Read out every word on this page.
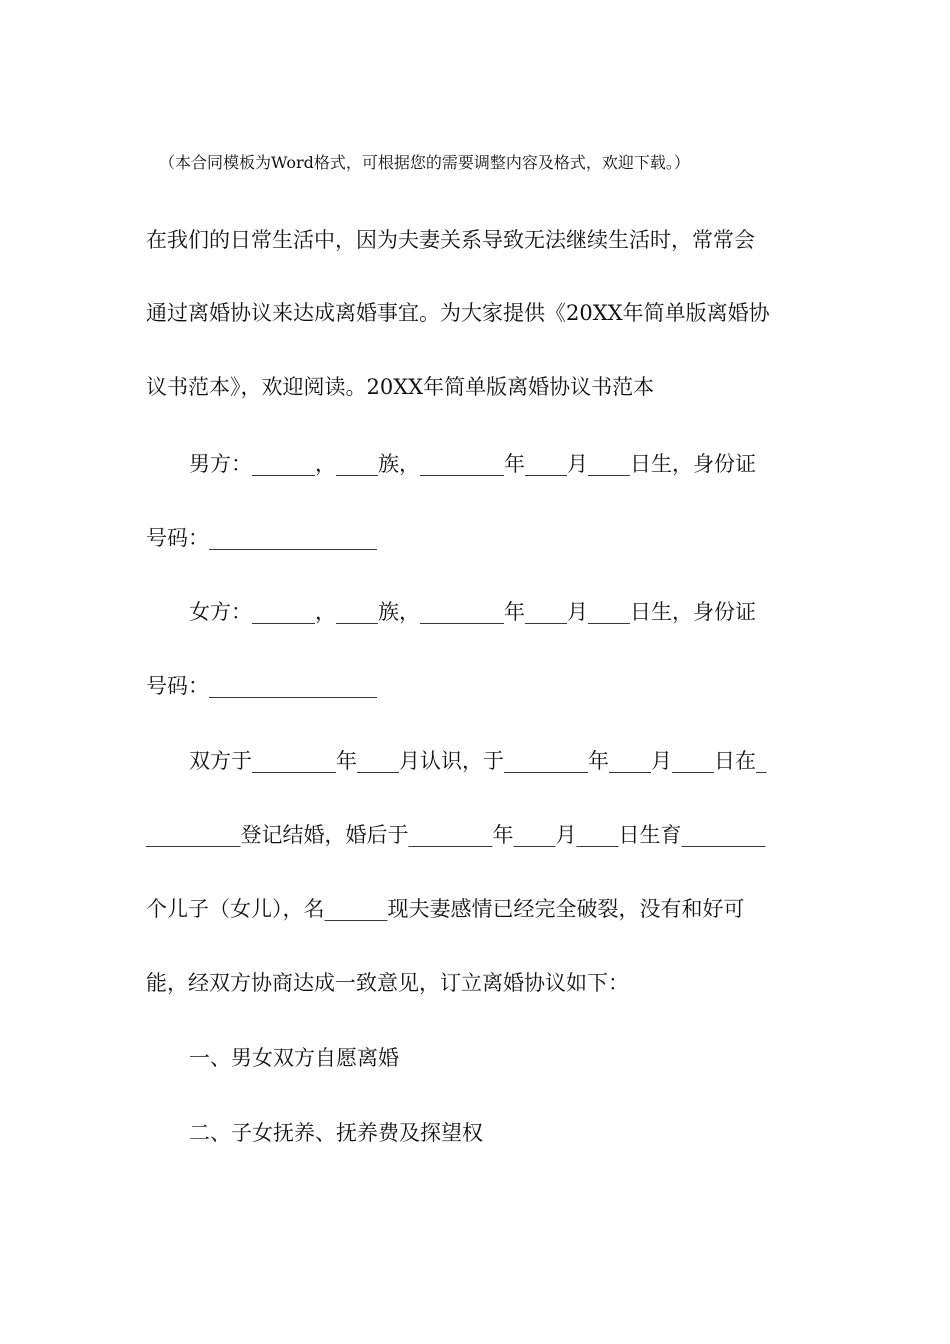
（本合同模板为Word格式，可根据您的需要调整内容及格式，欢迎下载。）
在我们的日常生活中，因为夫妻关系导致无法继续生活时，常常会
通过离婚协议来达成离婚事宜。为大家提供《20XX年简单版离婚协
议书范本》，欢迎阅读。20XX年简单版离婚协议书范本
男方：______，____族，________年____月____日生，身份证
号码：________________
女方：______，____族，________年____月____日生，身份证
号码：________________
双方于________年____月认识，于________年____月____日在_
_________登记结婚，婚后于________年____月____日生育________
个儿子（女儿），名______现夫妻感情已经完全破裂，没有和好可
能，经双方协商达成一致意见，订立离婚协议如下：
一、男女双方自愿离婚
二、子女抚养、抚养费及探望权
